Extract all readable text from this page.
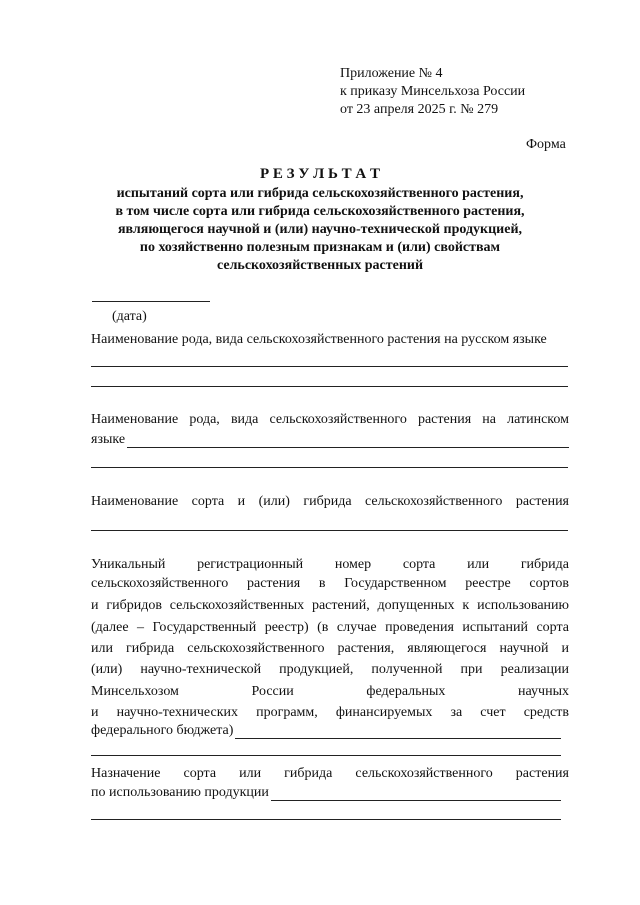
Приложение № 4
к приказу Минсельхоза России
от 23 апреля 2025 г. № 279
Форма
Р Е З У Л Ь Т А Т
испытаний сорта или гибрида сельскохозяйственного растения,
в том числе сорта или гибрида сельскохозяйственного растения,
являющегося научной и (или) научно-технической продукцией,
по хозяйственно полезным признакам и (или) свойствам
сельскохозяйственных растений
(дата)
Наименование рода, вида сельскохозяйственного растения на русском языке
Наименование рода, вида сельскохозяйственного растения на латинском
языке
Наименование сорта и (или) гибрида сельскохозяйственного растения
Уникальный регистрационный номер сорта или гибрида
сельскохозяйственного растения в Государственном реестре сортов
и гибридов сельскохозяйственных растений, допущенных к использованию
(далее – Государственный реестр) (в случае проведения испытаний сорта
или гибрида сельскохозяйственного растения, являющегося научной и
(или) научно-технической продукцией, полученной при реализации
Минсельхозом	России	федеральных	научных
и научно-технических программ, финансируемых за счет средств
федерального бюджета)
Назначение сорта или гибрида сельскохозяйственного растения
по использованию продукции
